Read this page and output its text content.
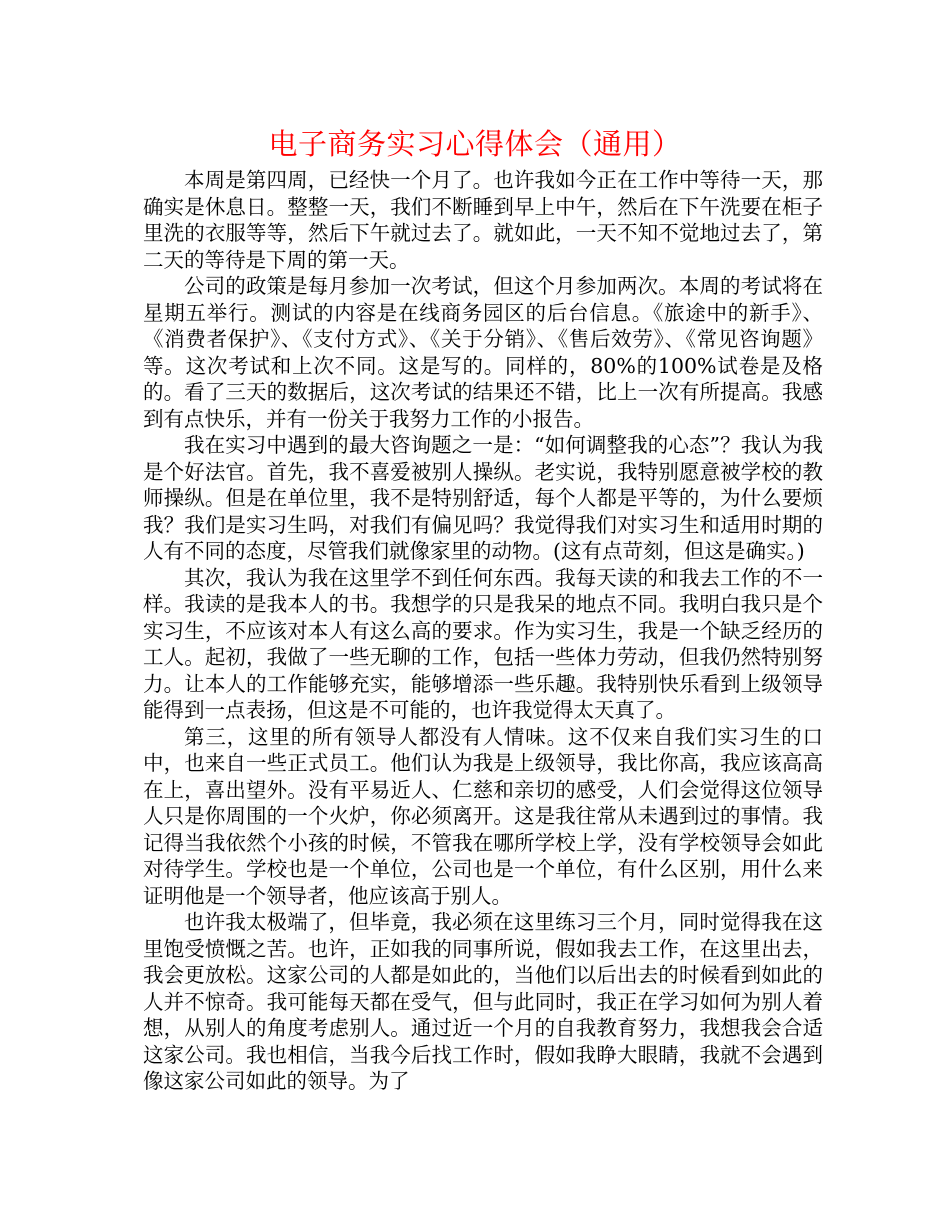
电子商务实习心得体会（通用）

本周是第四周，已经快一个月了。也许我如今正在工作中等待一天，那确实是休息日。整整一天，我们不断睡到早上中午，然后在下午洗要在柜子里洗的衣服等等，然后下午就过去了。就如此，一天不知不觉地过去了，第二天的等待是下周的第一天。

公司的政策是每月参加一次考试，但这个月参加两次。本周的考试将在星期五举行。测试的内容是在线商务园区的后台信息。《旅途中的新手》、《消费者保护》、《支付方式》、《关于分销》、《售后效劳》、《常见咨询题》等。这次考试和上次不同。这是写的。同样的，80%的100%试卷是及格的。看了三天的数据后，这次考试的结果还不错，比上一次有所提高。我感到有点快乐，并有一份关于我努力工作的小报告。

我在实习中遇到的最大咨询题之一是：“如何调整我的心态”？我认为我是个好法官。首先，我不喜爱被别人操纵。老实说，我特别愿意被学校的教师操纵。但是在单位里，我不是特别舒适，每个人都是平等的，为什么要烦我？我们是实习生吗，对我们有偏见吗？我觉得我们对实习生和适用时期的人有不同的态度，尽管我们就像家里的动物。(这有点苛刻，但这是确实。)

其次，我认为我在这里学不到任何东西。我每天读的和我去工作的不一样。我读的是我本人的书。我想学的只是我呆的地点不同。我明白我只是个实习生，不应该对本人有这么高的要求。作为实习生，我是一个缺乏经历的工人。起初，我做了一些无聊的工作，包括一些体力劳动，但我仍然特别努力。让本人的工作能够充实，能够增添一些乐趣。我特别快乐看到上级领导能得到一点表扬，但这是不可能的，也许我觉得太天真了。

第三，这里的所有领导人都没有人情味。这不仅来自我们实习生的口中，也来自一些正式员工。他们认为我是上级领导，我比你高，我应该高高在上，喜出望外。没有平易近人、仁慈和亲切的感受，人们会觉得这位领导人只是你周围的一个火炉，你必须离开。这是我往常从未遇到过的事情。我记得当我依然个小孩的时候，不管我在哪所学校上学，没有学校领导会如此对待学生。学校也是一个单位，公司也是一个单位，有什么区别，用什么来证明他是一个领导者，他应该高于别人。

也许我太极端了，但毕竟，我必须在这里练习三个月，同时觉得我在这里饱受愤慨之苦。也许，正如我的同事所说，假如我去工作，在这里出去，我会更放松。这家公司的人都是如此的，当他们以后出去的时候看到如此的人并不惊奇。我可能每天都在受气，但与此同时，我正在学习如何为别人着想，从别人的角度考虑别人。通过近一个月的自我教育努力，我想我会合适这家公司。我也相信，当我今后找工作时，假如我睁大眼睛，我就不会遇到像这家公司如此的领导。为了
